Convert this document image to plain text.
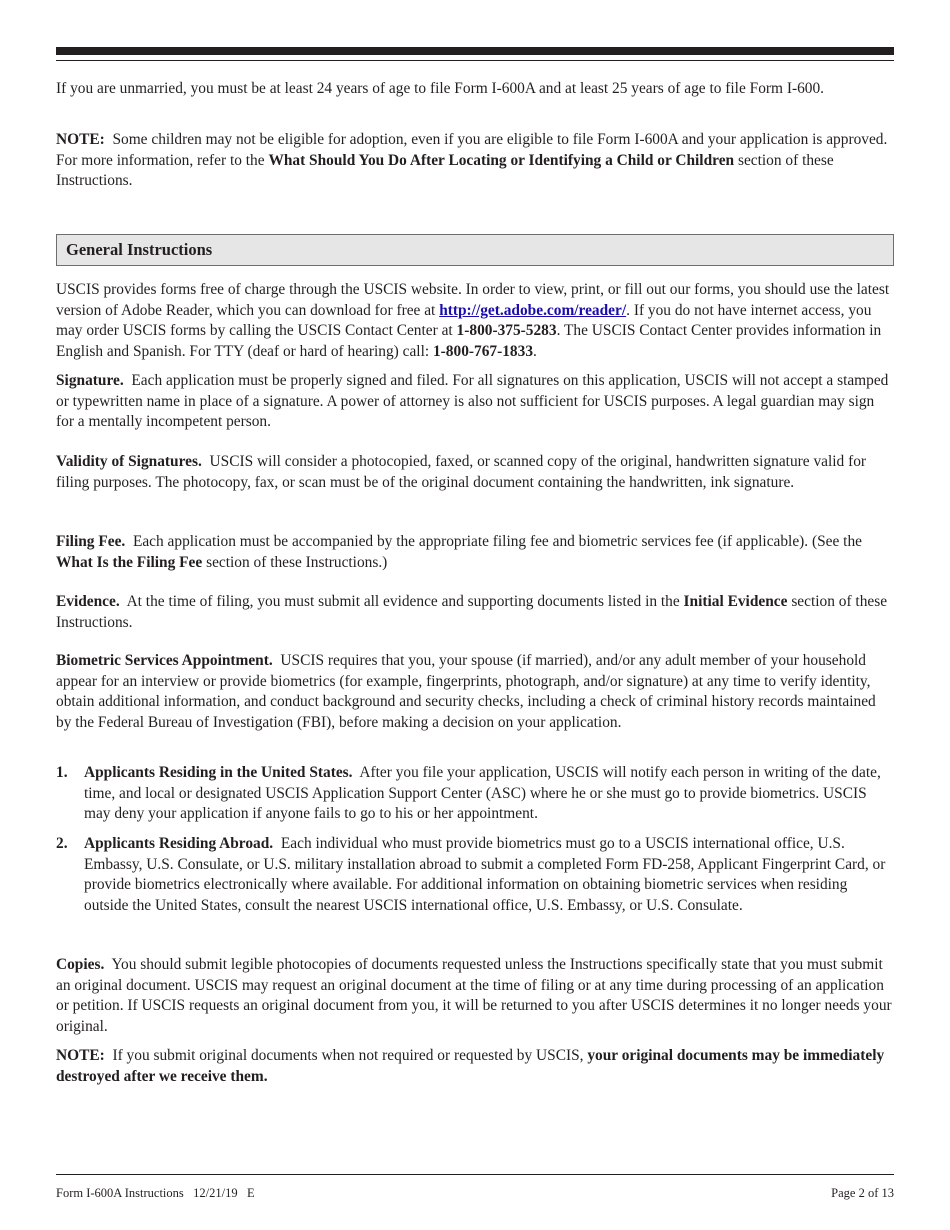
If you are unmarried, you must be at least 24 years of age to file Form I-600A and at least 25 years of age to file Form I-600.

NOTE: Some children may not be eligible for adoption, even if you are eligible to file Form I-600A and your application is approved. For more information, refer to the What Should You Do After Locating or Identifying a Child or Children section of these Instructions.

General Instructions

USCIS provides forms free of charge through the USCIS website. In order to view, print, or fill out our forms, you should use the latest version of Adobe Reader, which you can download for free at http://get.adobe.com/reader/. If you do not have internet access, you may order USCIS forms by calling the USCIS Contact Center at 1-800-375-5283. The USCIS Contact Center provides information in English and Spanish. For TTY (deaf or hard of hearing) call: 1-800-767-1833.

Signature. Each application must be properly signed and filed. For all signatures on this application, USCIS will not accept a stamped or typewritten name in place of a signature. A power of attorney is also not sufficient for USCIS purposes. A legal guardian may sign for a mentally incompetent person.

Validity of Signatures. USCIS will consider a photocopied, faxed, or scanned copy of the original, handwritten signature valid for filing purposes. The photocopy, fax, or scan must be of the original document containing the handwritten, ink signature.

Filing Fee. Each application must be accompanied by the appropriate filing fee and biometric services fee (if applicable). (See the What Is the Filing Fee section of these Instructions.)

Evidence. At the time of filing, you must submit all evidence and supporting documents listed in the Initial Evidence section of these Instructions.

Biometric Services Appointment. USCIS requires that you, your spouse (if married), and/or any adult member of your household appear for an interview or provide biometrics (for example, fingerprints, photograph, and/or signature) at any time to verify identity, obtain additional information, and conduct background and security checks, including a check of criminal history records maintained by the Federal Bureau of Investigation (FBI), before making a decision on your application.

1. Applicants Residing in the United States. After you file your application, USCIS will notify each person in writing of the date, time, and local or designated USCIS Application Support Center (ASC) where he or she must go to provide biometrics. USCIS may deny your application if anyone fails to go to his or her appointment.
2. Applicants Residing Abroad. Each individual who must provide biometrics must go to a USCIS international office, U.S. Embassy, U.S. Consulate, or U.S. military installation abroad to submit a completed Form FD-258, Applicant Fingerprint Card, or provide biometrics electronically where available. For additional information on obtaining biometric services when residing outside the United States, consult the nearest USCIS international office, U.S. Embassy, or U.S. Consulate.

Copies. You should submit legible photocopies of documents requested unless the Instructions specifically state that you must submit an original document. USCIS may request an original document at the time of filing or at any time during processing of an application or petition. If USCIS requests an original document from you, it will be returned to you after USCIS determines it no longer needs your original.

NOTE: If you submit original documents when not required or requested by USCIS, your original documents may be immediately destroyed after we receive them.

Form I-600A Instructions   12/21/19   E	Page 2 of 13
